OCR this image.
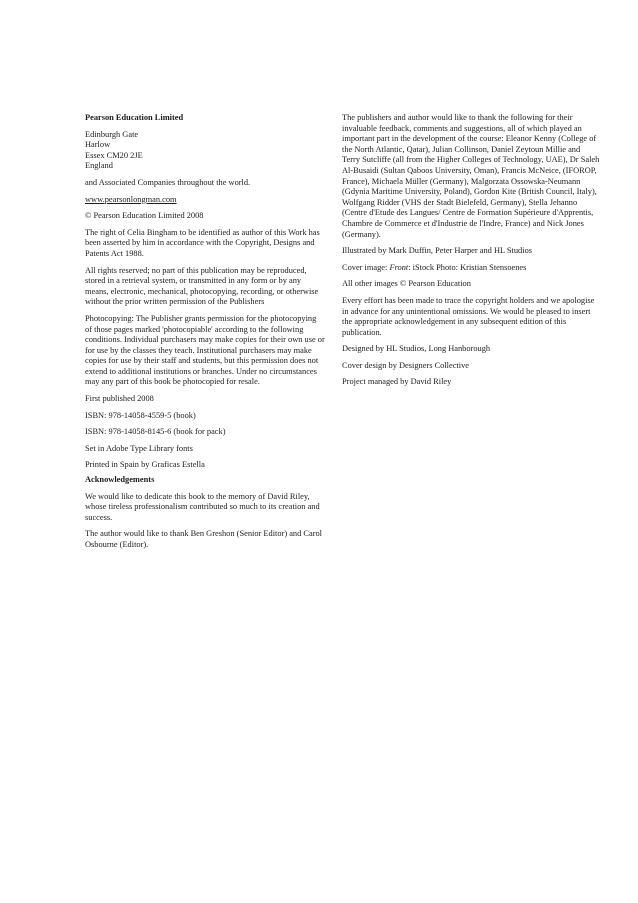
Pearson Education Limited

Edinburgh Gate
Harlow
Essex CM20 2JE
England

and Associated Companies throughout the world.

www.pearsonlongman.com

© Pearson Education Limited 2008

The right of Celia Bingham to be identified as author of this Work has been asserted by him in accordance with the Copyright, Designs and Patents Act 1988.

All rights reserved; no part of this publication may be reproduced, stored in a retrieval system, or transmitted in any form or by any means, electronic, mechanical, photocopying, recording, or otherwise without the prior written permission of the Publishers

Photocopying: The Publisher grants permission for the photocopying of those pages marked 'photocopiable' according to the following conditions. Individual purchasers may make copies for their own use or for use by the classes they teach. Institutional purchasers may make copies for use by their staff and students, but this permission does not extend to additional institutions or branches. Under no circumstances may any part of this book be photocopied for resale.

First published 2008

ISBN: 978-14058-4559-5 (book)

ISBN: 978-14058-8145-6 (book for pack)

Set in Adobe Type Library fonts

Printed in Spain by Graficas Estella

Acknowledgements

We would like to dedicate this book to the memory of David Riley, whose tireless professionalism contributed so much to its creation and success.

The author would like to thank Ben Greshon (Senior Editor) and Carol Osbourne (Editor).

The publishers and author would like to thank the following for their invaluable feedback, comments and suggestions, all of which played an important part in the development of the course: Eleanor Kenny (College of the North Atlantic, Qatar), Julian Collinson, Daniel Zeytoun Millie and Terry Sutcliffe (all from the Higher Colleges of Technology, UAE), Dr Saleh Al-Busaidi (Sultan Qaboos University, Oman), Francis McNeice, (IFOROP, France), Michaela Müller (Germany), Malgorzata Ossowska-Neumann (Gdynia Maritime University, Poland), Gordon Kite (British Council, Italy), Wolfgang Ridder (VHS der Stadt Bielefeld, Germany), Stella Jehanno (Centre d'Etude des Langues/ Centre de Formation Supérieure d'Apprentis, Chambre de Commerce et d'Industrie de l'Indre, France) and Nick Jones (Germany).

Illustrated by Mark Duffin, Peter Harper and HL Studios

Cover image: Front: iStock Photo: Kristian Stensoenes

All other images © Pearson Education

Every effort has been made to trace the copyright holders and we apologise in advance for any unintentional omissions. We would be pleased to insert the appropriate acknowledgement in any subsequent edition of this publication.

Designed by HL Studios, Long Hanborough

Cover design by Designers Collective

Project managed by David Riley
